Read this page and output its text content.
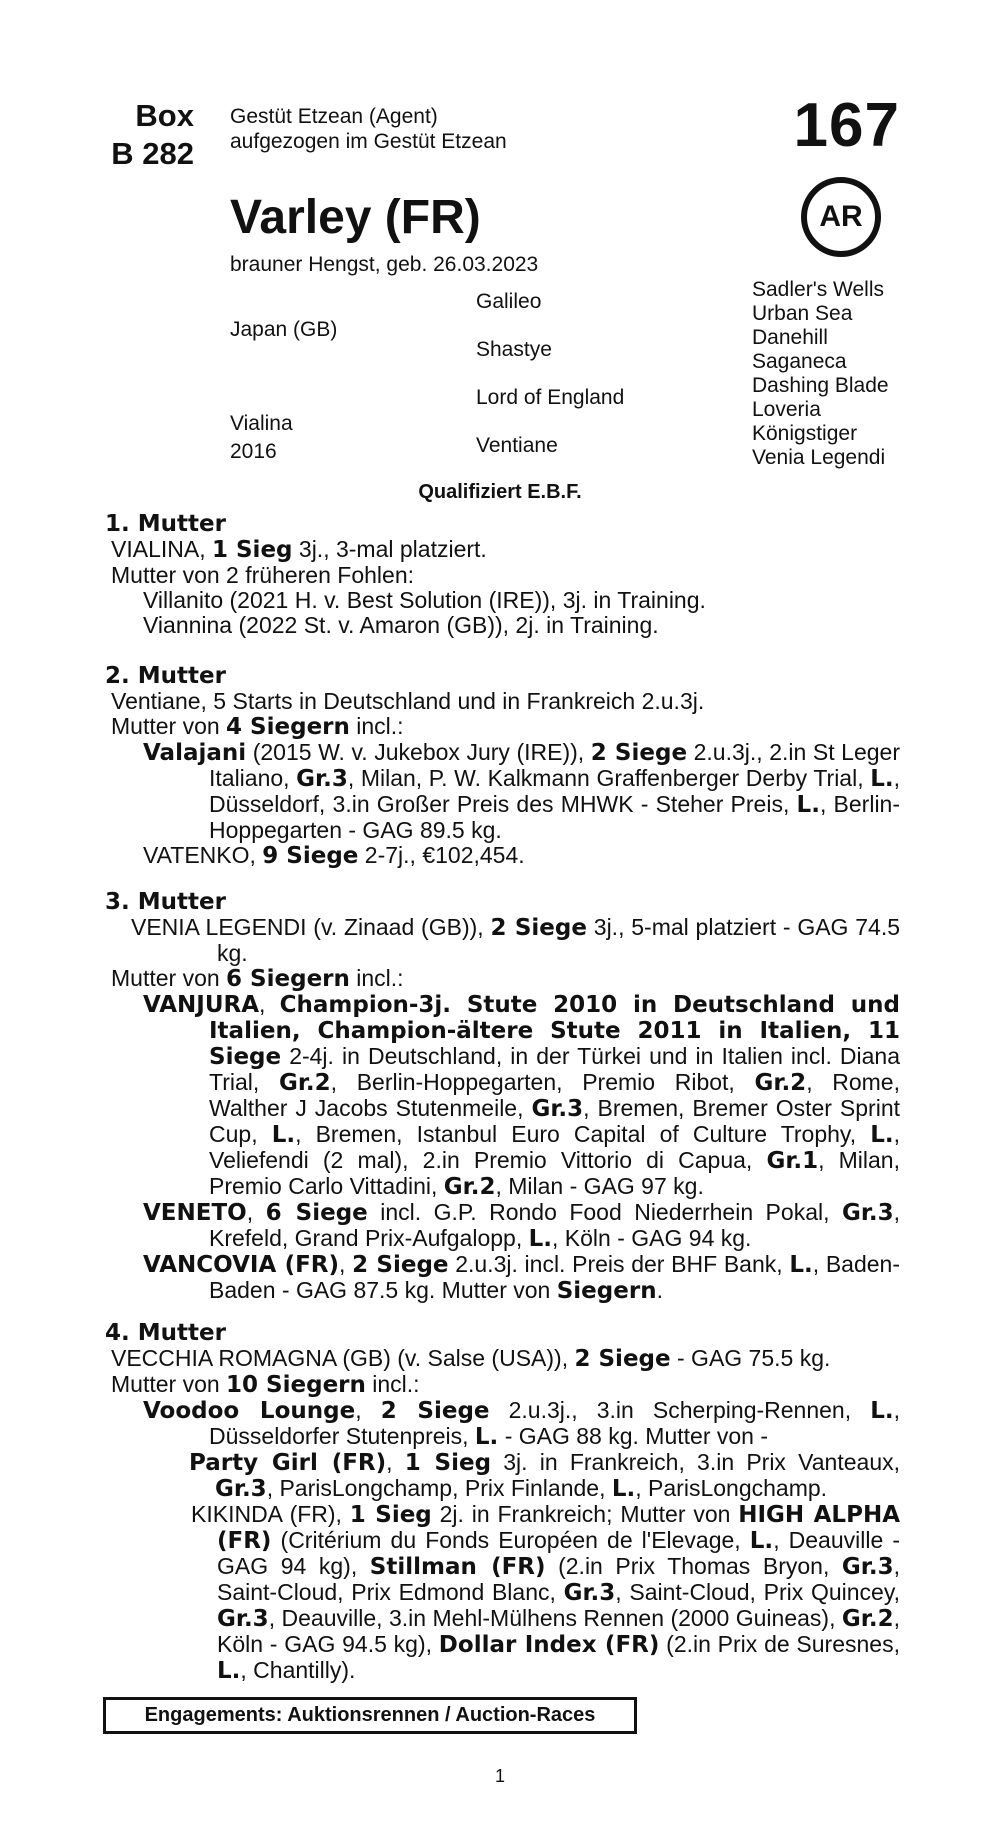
Box
B 282
Gestüt Etzean (Agent)
aufgezogen im Gestüt Etzean	167
Varley (FR)	AR
brauner Hengst, geb. 26.03.2023
Japan (GB)
Vialina
2016
Galileo
Shastye
Lord of England
Ventiane
Sadler's Wells
Urban Sea
Danehill
Saganeca
Dashing Blade
Loveria
Königstiger
Venia Legendi
Qualifiziert E.B.F.
1. Mutter

VIALINA, 1 Sieg 3j., 3-mal platziert.

Mutter von 2 früheren Fohlen:

Villanito (2021 H. v. Best Solution (IRE)), 3j. in Training.

Viannina (2022 St. v. Amaron (GB)), 2j. in Training.

2. Mutter

Ventiane, 5 Starts in Deutschland und in Frankreich 2.u.3j.

Mutter von 4 Siegern incl.:

Valajani (2015 W. v. Jukebox Jury (IRE)), 2 Siege 2.u.3j., 2.in St Leger Italiano, Gr.3, Milan, P. W. Kalkmann Graffenberger Derby Trial, L., Düsseldorf, 3.in Großer Preis des MHWK - Steher Preis, L., Berlin-Hoppegarten - GAG 89.5 kg.

VATENKO, 9 Siege 2-7j., €102,454.

3. Mutter

VENIA LEGENDI (v. Zinaad (GB)), 2 Siege 3j., 5-mal platziert - GAG 74.5 kg.

Mutter von 6 Siegern incl.:

VANJURA, Champion-3j. Stute 2010 in Deutschland und Italien, Champion-ältere Stute 2011 in Italien, 11 Siege 2-4j. in Deutschland, in der Türkei und in Italien incl. Diana Trial, Gr.2, Berlin-Hoppegarten, Premio Ribot, Gr.2, Rome, Walther J Jacobs Stutenmeile, Gr.3, Bremen, Bremer Oster Sprint Cup, L., Bremen, Istanbul Euro Capital of Culture Trophy, L., Veliefendi (2 mal), 2.in Premio Vittorio di Capua, Gr.1, Milan, Premio Carlo Vittadini, Gr.2, Milan - GAG 97 kg.

VENETO, 6 Siege incl. G.P. Rondo Food Niederrhein Pokal, Gr.3, Krefeld, Grand Prix-Aufgalopp, L., Köln - GAG 94 kg.

VANCOVIA (FR), 2 Siege 2.u.3j. incl. Preis der BHF Bank, L., Baden-Baden - GAG 87.5 kg. Mutter von Siegern.

4. Mutter

VECCHIA ROMAGNA (GB) (v. Salse (USA)), 2 Siege - GAG 75.5 kg.

Mutter von 10 Siegern incl.:

Voodoo Lounge, 2 Siege 2.u.3j., 3.in Scherping-Rennen, L., Düsseldorfer Stutenpreis, L. - GAG 88 kg. Mutter von -

Party Girl (FR), 1 Sieg 3j. in Frankreich, 3.in Prix Vanteaux, Gr.3, ParisLongchamp, Prix Finlande, L., ParisLongchamp.

KIKINDA (FR), 1 Sieg 2j. in Frankreich; Mutter von HIGH ALPHA (FR) (Critérium du Fonds Européen de l'Elevage, L., Deauville - GAG 94 kg), Stillman (FR) (2.in Prix Thomas Bryon, Gr.3, Saint-Cloud, Prix Edmond Blanc, Gr.3, Saint-Cloud, Prix Quincey, Gr.3, Deauville, 3.in Mehl-Mülhens Rennen (2000 Guineas), Gr.2, Köln - GAG 94.5 kg), Dollar Index (FR) (2.in Prix de Suresnes, L., Chantilly).

Engagements: Auktionsrennen / Auction-Races
1
